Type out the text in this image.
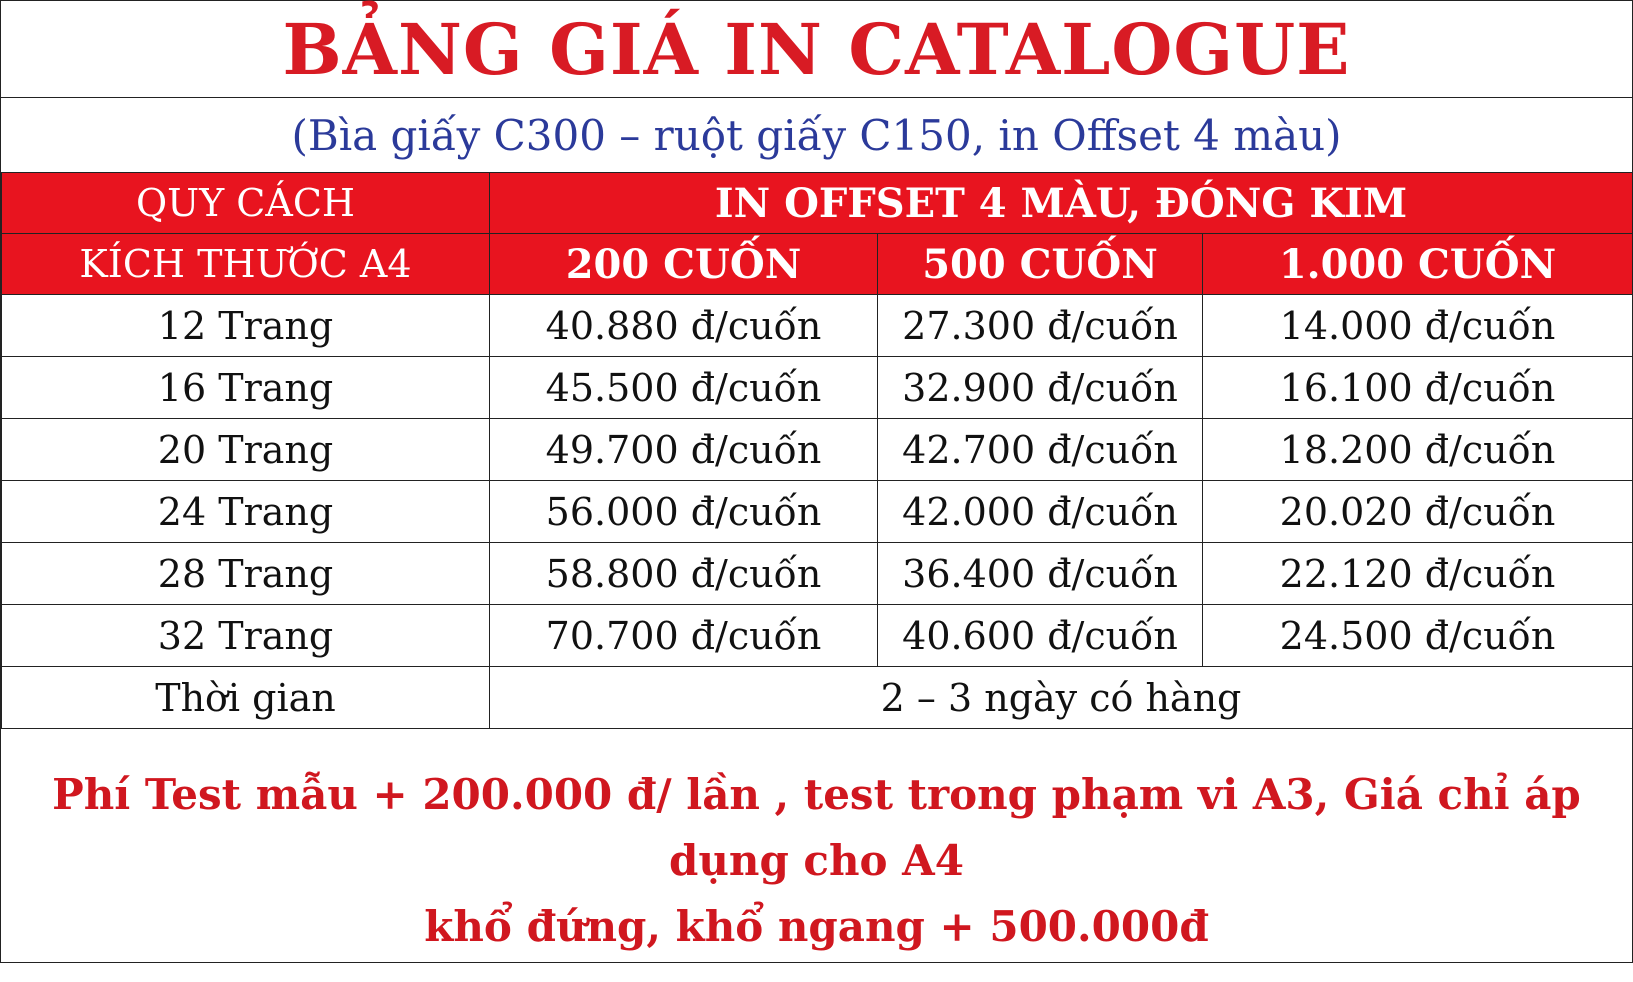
BẢNG GIÁ IN CATALOGUE
(Bìa giấy C300 – ruột giấy C150, in Offset 4 màu)
QUY CÁCH	IN OFFSET 4 MÀU, ĐÓNG KIM		
KÍCH THƯỚC A4	200 CUỐN	500 CUỐN	1.000 CUỐN
12 Trang	40.880 đ/cuốn	27.300 đ/cuốn	14.000 đ/cuốn
16 Trang	45.500 đ/cuốn	32.900 đ/cuốn	16.100 đ/cuốn
20 Trang	49.700 đ/cuốn	42.700 đ/cuốn	18.200 đ/cuốn
24 Trang	56.000 đ/cuốn	42.000 đ/cuốn	20.020 đ/cuốn
28 Trang	58.800 đ/cuốn	36.400 đ/cuốn	22.120 đ/cuốn
32 Trang	70.700 đ/cuốn	40.600 đ/cuốn	24.500 đ/cuốn
Thời gian	2 – 3 ngày có hàng		
Phí Test mẫu + 200.000 đ/ lần , test trong phạm vi A3, Giá chỉ áp dụng cho A4
khổ đứng, khổ ngang + 500.000đ
